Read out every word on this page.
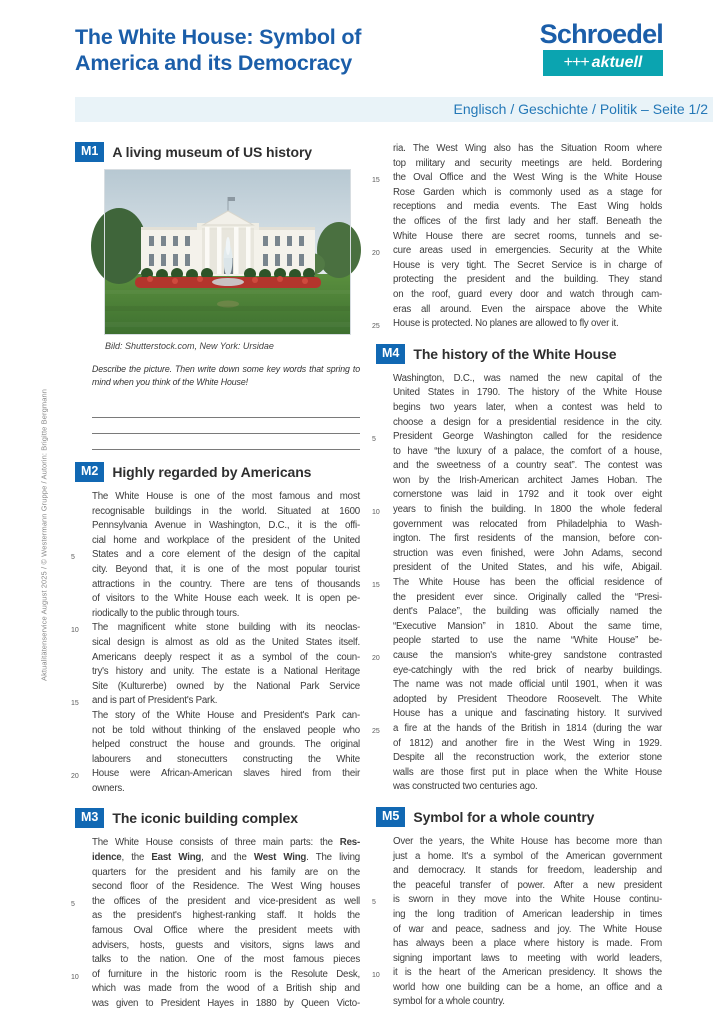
The White House: Symbol of
America and its Democracy
Schroedel
+++ aktuell
Englisch / Geschichte / Politik – Seite 1/2
Aktualitätenservice August 2025 / © Westermann Gruppe / Autorin: Brigitte Bergmann
M1	A living museum of US history
Bild: Shutterstock.com, New York: Ursidae
Describe the picture. Then write down some key words that spring to mind when you think of the White House!
M2	Highly regarded by Americans
The White House is one of the most famous and most
recognisable buildings in the world. Situated at 1600
Pennsylvania Avenue in Washington, D.C., it is the offi-
cial home and workplace of the president of the United
States and a core element of the design of the capital
5
city. Beyond that, it is one of the most popular tourist
attractions in the country. There are tens of thousands
of visitors to the White House each week. It is open pe-
riodically to the public through tours.
The magnificent white stone building with its neoclas-
10
sical design is almost as old as the United States itself.
Americans deeply respect it as a symbol of the coun-
try's history and unity. The estate is a National Heritage
Site (Kulturerbe) owned by the National Park Service
and is part of President's Park.
15
The story of the White House and President's Park can-
not be told without thinking of the enslaved people who
helped construct the house and grounds. The original
labourers and stonecutters constructing the White
House were African-American slaves hired from their
20
owners.
M3	The iconic building complex
The White House consists of three main parts: the Res-
idence, the East Wing, and the West Wing. The living
quarters for the president and his family are on the
second floor of the Residence. The West Wing houses
the offices of the president and vice-president as well
5
as the president's highest-ranking staff. It holds the
famous Oval Office where the president meets with
advisers, hosts, guests and visitors, signs laws and
talks to the nation. One of the most famous pieces
of furniture in the historic room is the Resolute Desk,
10
which was made from the wood of a British ship and
was given to President Hayes in 1880 by Queen Victo-
ria. The West Wing also has the Situation Room where
top military and security meetings are held. Bordering
the Oval Office and the West Wing is the White House
15
Rose Garden which is commonly used as a stage for
receptions and media events. The East Wing holds
the offices of the first lady and her staff. Beneath the
White House there are secret rooms, tunnels and se-
cure areas used in emergencies. Security at the White
20
House is very tight. The Secret Service is in charge of
protecting the president and the building. They stand
on the roof, guard every door and watch through cam-
eras all around. Even the airspace above the White
House is protected. No planes are allowed to fly over it.
25
M4	The history of the White House
Washington, D.C., was named the new capital of the
United States in 1790. The history of the White House
begins two years later, when a contest was held to
choose a design for a presidential residence in the city.
President George Washington called for the residence
5
to have “the luxury of a palace, the comfort of a house,
and the sweetness of a country seat”. The contest was
won by the Irish-American architect James Hoban. The
cornerstone was laid in 1792 and it took over eight
years to finish the building. In 1800 the whole federal
10
government was relocated from Philadelphia to Wash-
ington. The first residents of the mansion, before con-
struction was even finished, were John Adams, second
president of the United States, and his wife, Abigail.
The White House has been the official residence of
15
the president ever since. Originally called the “Presi-
dent's Palace”, the building was officially named the
“Executive Mansion” in 1810. About the same time,
people started to use the name “White House” be-
cause the mansion's white-grey sandstone contrasted
20
eye-catchingly with the red brick of nearby buildings.
The name was not made official until 1901, when it was
adopted by President Theodore Roosevelt. The White
House has a unique and fascinating history. It survived
a fire at the hands of the British in 1814 (during the war
25
of 1812) and another fire in the West Wing in 1929.
Despite all the reconstruction work, the exterior stone
walls are those first put in place when the White House
was constructed two centuries ago.
M5	Symbol for a whole country
Over the years, the White House has become more than
just a home. It's a symbol of the American government
and democracy. It stands for freedom, leadership and
the peaceful transfer of power. After a new president
is sworn in they move into the White House continu-
5
ing the long tradition of American leadership in times
of war and peace, sadness and joy. The White House
has always been a place where history is made. From
signing important laws to meeting with world leaders,
it is the heart of the American presidency. It shows the
10
world how one building can be a home, an office and a
symbol for a whole country.
